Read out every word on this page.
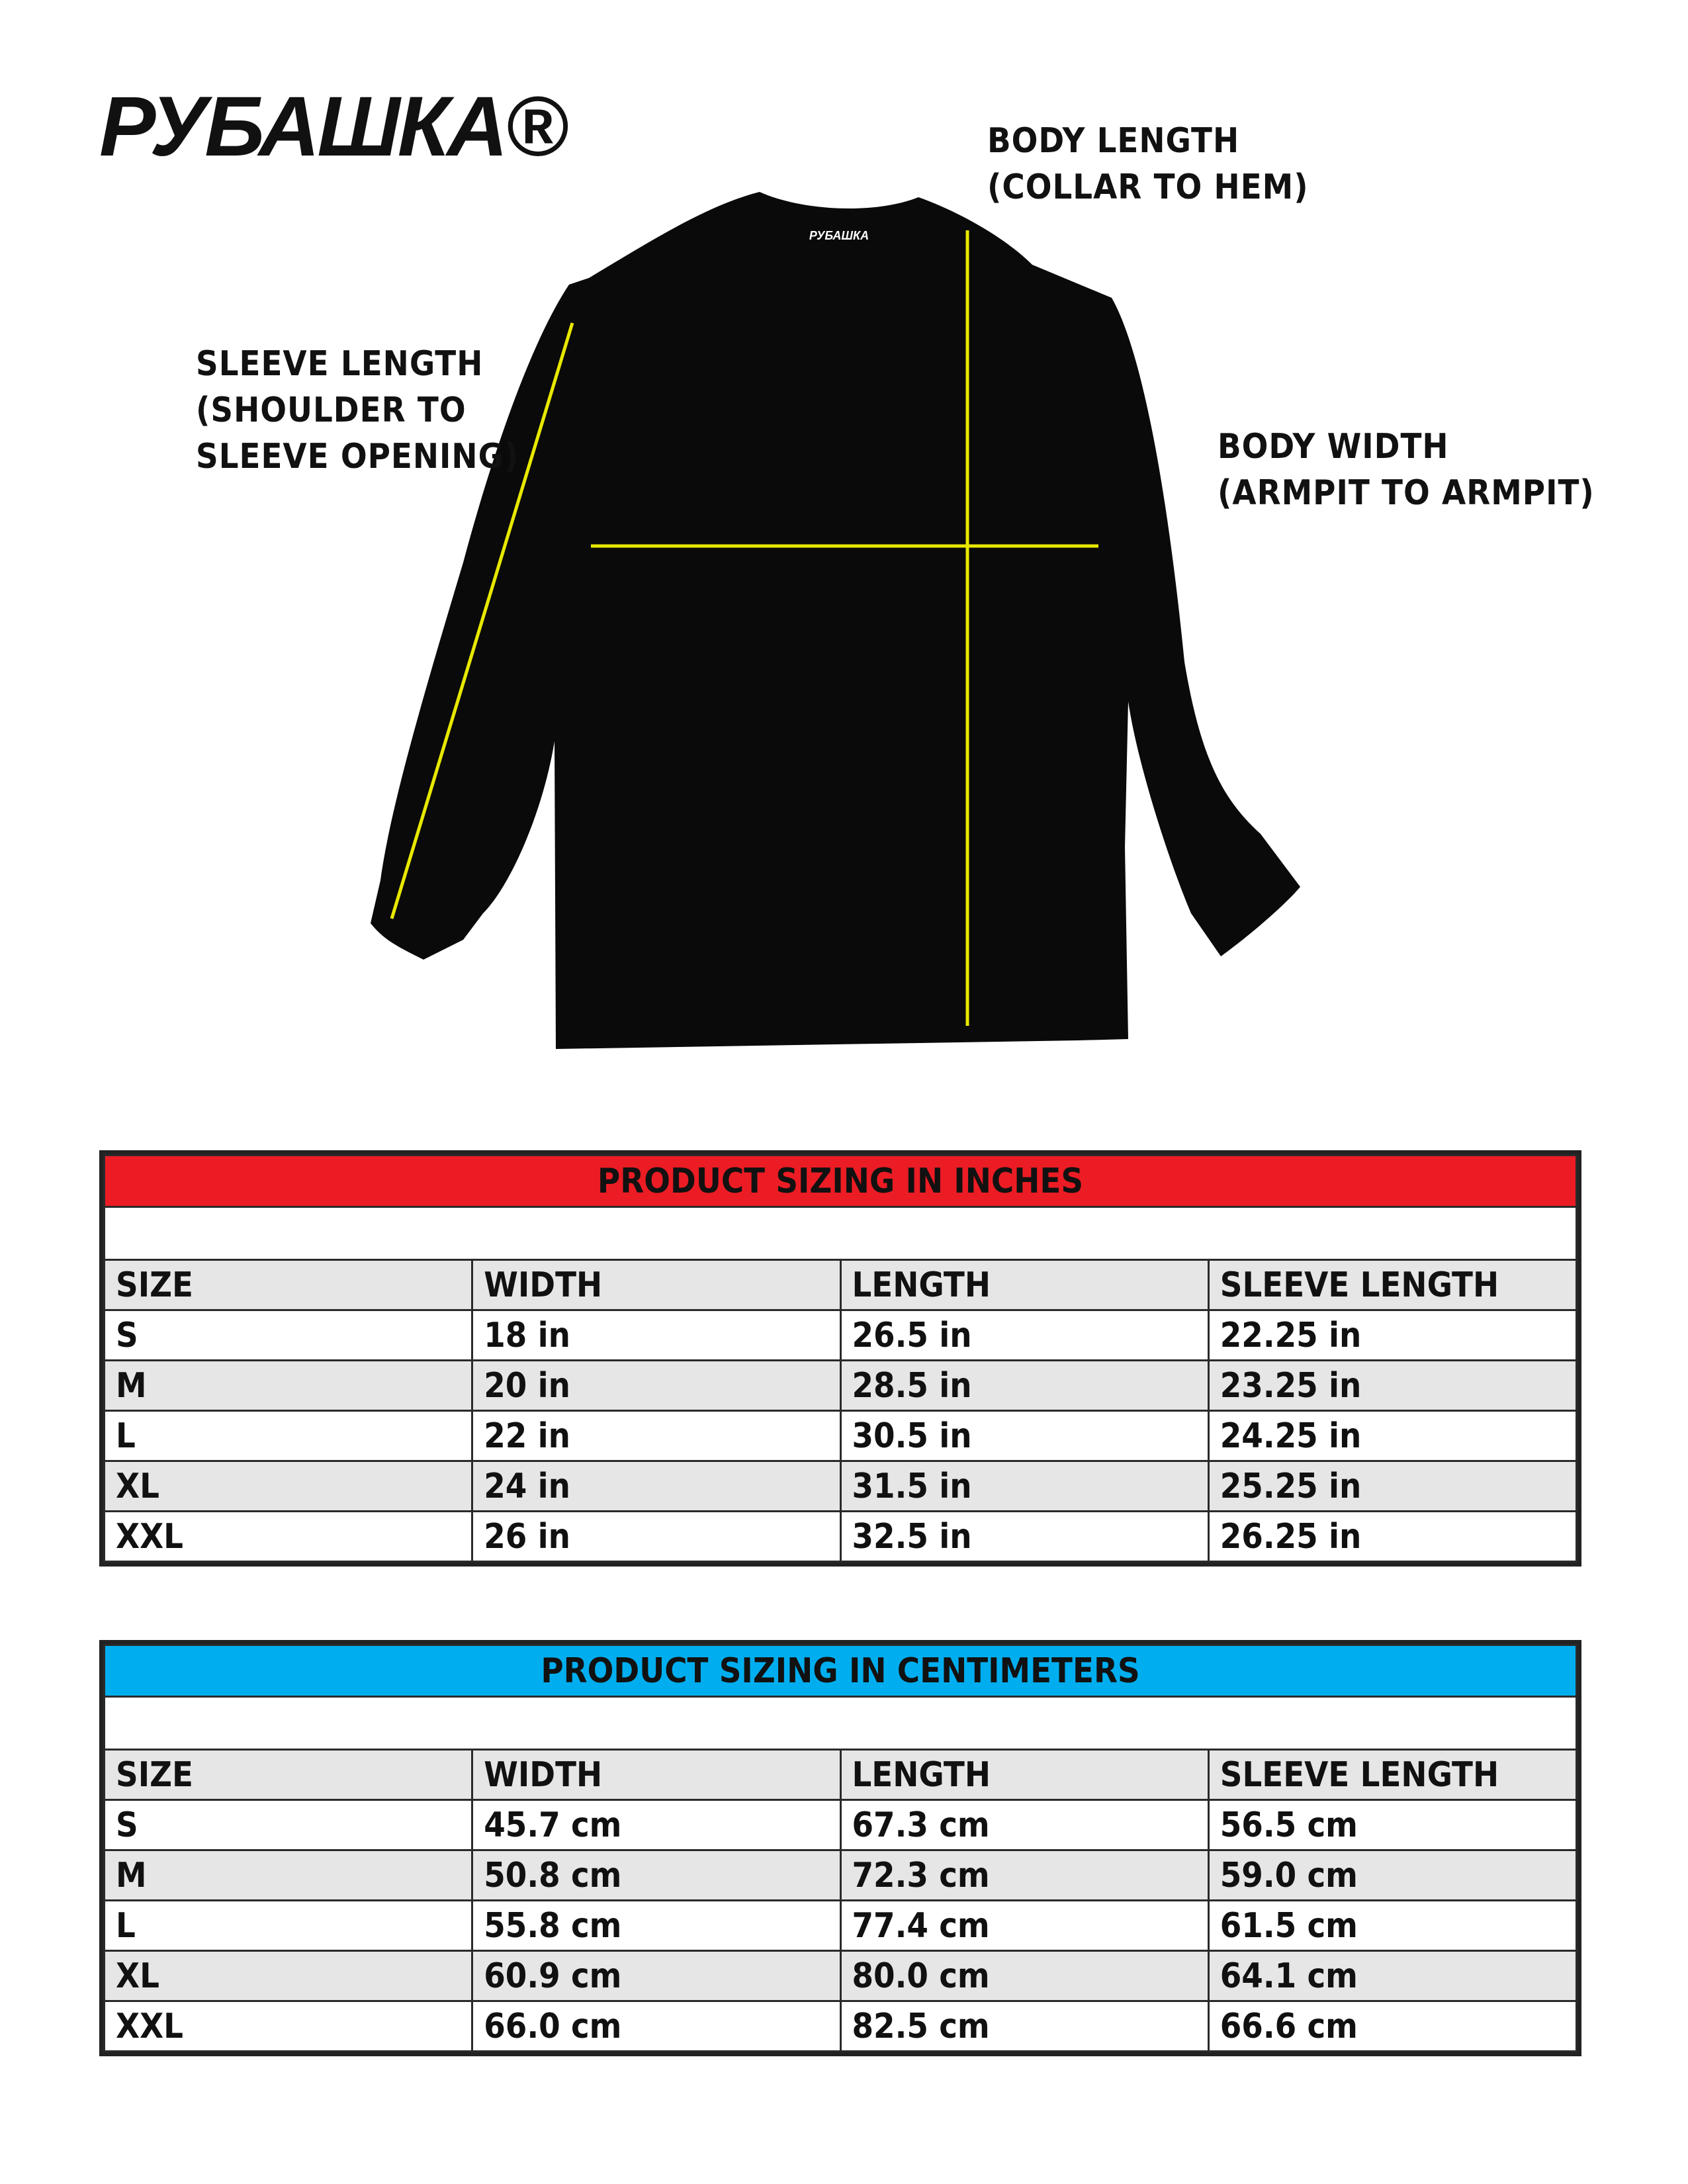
РУБАШКА®
РУБАШКА
BODY LENGTH
(COLLAR TO HEM)
SLEEVE LENGTH
(SHOULDER TO
SLEEVE OPENING)	BODY WIDTH
(ARMPIT TO ARMPIT)
PRODUCT SIZING IN INCHES			

SIZE	WIDTH	LENGTH	SLEEVE LENGTH
S	18 in	26.5 in	22.25 in
M	20 in	28.5 in	23.25 in
L	22 in	30.5 in	24.25 in
XL	24 in	31.5 in	25.25 in
XXL	26 in	32.5 in	26.25 in
PRODUCT SIZING IN CENTIMETERS			

SIZE	WIDTH	LENGTH	SLEEVE LENGTH
S	45.7 cm	67.3 cm	56.5 cm
M	50.8 cm	72.3 cm	59.0 cm
L	55.8 cm	77.4 cm	61.5 cm
XL	60.9 cm	80.0 cm	64.1 cm
XXL	66.0 cm	82.5 cm	66.6 cm
